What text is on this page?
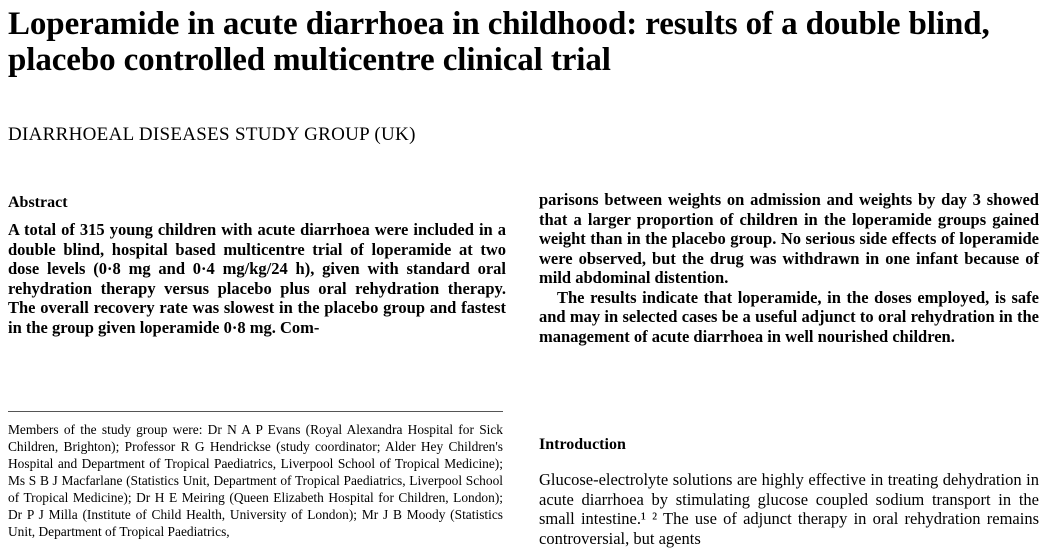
Loperamide in acute diarrhoea in childhood: results of a double blind, placebo controlled multicentre clinical trial

DIARRHOEAL DISEASES STUDY GROUP (UK)

Abstract

A total of 315 young children with acute diarrhoea were included in a double blind, hospital based multicentre trial of loperamide at two dose levels (0·8 mg and 0·4 mg/kg/24 h), given with standard oral rehydration therapy versus placebo plus oral rehydration therapy. The overall recovery rate was slowest in the placebo group and fastest in the group given loperamide 0·8 mg. Com-

parisons between weights on admission and weights by day 3 showed that a larger proportion of children in the loperamide groups gained weight than in the placebo group. No serious side effects of loperamide were observed, but the drug was withdrawn in one infant because of mild abdominal distention.

The results indicate that loperamide, in the doses employed, is safe and may in selected cases be a useful adjunct to oral rehydration in the management of acute diarrhoea in well nourished children.

Members of the study group were: Dr N A P Evans (Royal Alexandra Hospital for Sick Children, Brighton); Professor R G Hendrickse (study coordinator; Alder Hey Children's Hospital and Department of Tropical Paediatrics, Liverpool School of Tropical Medicine); Ms S B J Macfarlane (Statistics Unit, Department of Tropical Paediatrics, Liverpool School of Tropical Medicine); Dr H E Meiring (Queen Elizabeth Hospital for Children, London); Dr P J Milla (Institute of Child Health, University of London); Mr J B Moody (Statistics Unit, Department of Tropical Paediatrics,

Introduction

Glucose-electrolyte solutions are highly effective in treating dehydration in acute diarrhoea by stimulating glucose coupled sodium transport in the small intestine.¹ ² The use of adjunct therapy in oral rehydration remains controversial, but agents
